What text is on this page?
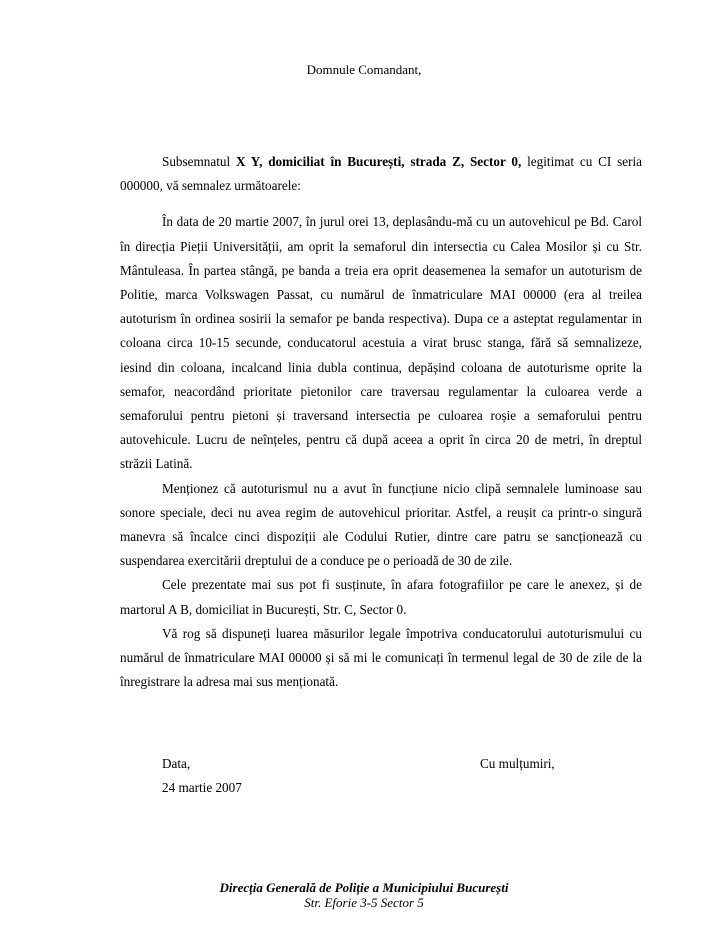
Domnule Comandant,

Subsemnatul X Y, domiciliat în București, strada Z, Sector 0, legitimat cu CI seria 000000, vă semnalez următoarele:

În data de 20 martie 2007, în jurul orei 13, deplasându-mă cu un autovehicul pe Bd. Carol în direcția Pieții Universității, am oprit la semaforul din intersectia cu Calea Mosilor și cu Str. Mântuleasa. În partea stângă, pe banda a treia era oprit deasemenea la semafor un autoturism de Politie, marca Volkswagen Passat, cu numărul de înmatriculare MAI 00000 (era al treilea autoturism în ordinea sosirii la semafor pe banda respectiva). Dupa ce a asteptat regulamentar in coloana circa 10-15 secunde, conducatorul acestuia a virat brusc stanga, fără să semnalizeze, iesind din coloana, incalcand linia dubla continua, depășind coloana de autoturisme oprite la semafor, neacordând prioritate pietonilor care traversau regulamentar la culoarea verde a semaforului pentru pietoni și traversand intersectia pe culoarea roșie a semaforului pentru autovehicule. Lucru de neînțeles, pentru că după aceea a oprit în circa 20 de metri, în dreptul străzii Latină.

Menționez că autoturismul nu a avut în funcțiune nicio clipă semnalele luminoase sau sonore speciale, deci nu avea regim de autovehicul prioritar. Astfel, a reușit ca printr-o singură manevra să încalce cinci dispoziții ale Codului Rutier, dintre care patru se sancționează cu suspendarea exercitării dreptului de a conduce pe o perioadă de 30 de zile.

Cele prezentate mai sus pot fi susținute, în afara fotografiilor pe care le anexez, și de martorul A B, domiciliat in București, Str. C, Sector 0.

Vă rog să dispuneți luarea măsurilor legale împotriva conducatorului autoturismului cu numărul de înmatriculare MAI 00000 și să mi le comunicați în termenul legal de 30 de zile de la înregistrare la adresa mai sus menționată.

Data,
24 martie 2007
Cu mulțumiri,
Direcția Generală de Poliție a Municipiului București
Str. Eforie 3-5 Sector 5
